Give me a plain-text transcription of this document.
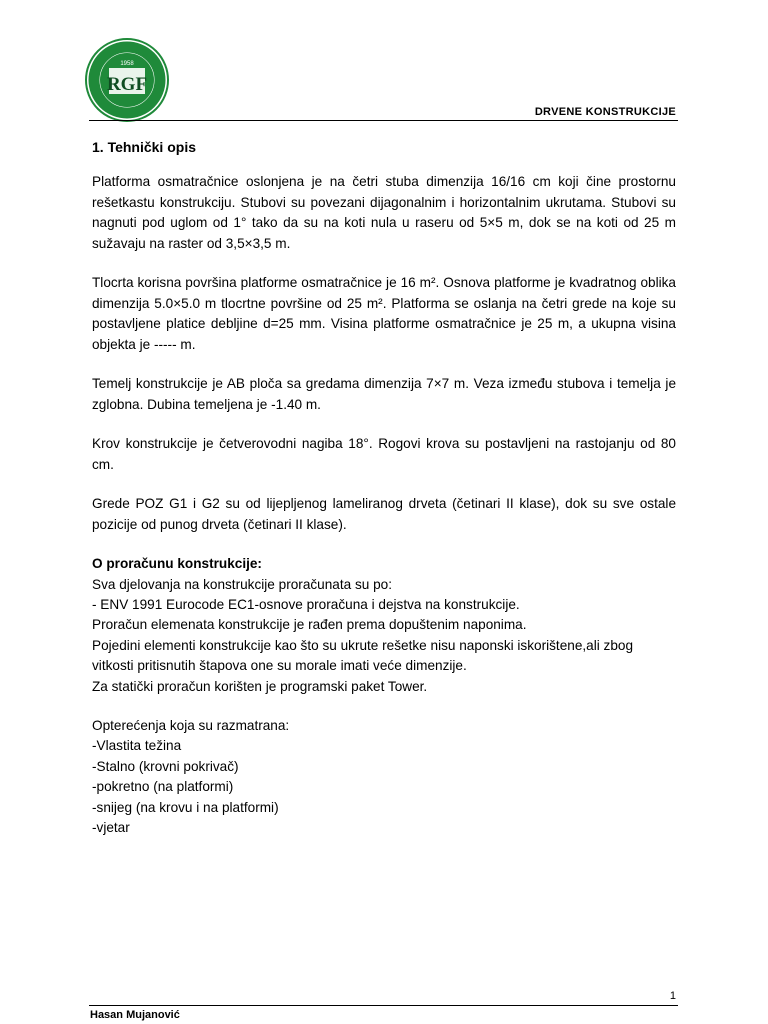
RGF
1958
DRVENE KONSTRUKCIJE
1. Tehnički opis

Platforma osmatračnice oslonjena je na četri stuba dimenzija 16/16 cm koji čine prostornu rešetkastu konstrukciju. Stubovi su povezani dijagonalnim i horizontalnim ukrutama. Stubovi su nagnuti pod uglom od 1° tako da su na koti nula u raseru od 5×5 m, dok se na koti od 25 m sužavaju na raster od 3,5×3,5 m.

Tlocrta korisna površina platforme osmatračnice je 16 m². Osnova platforme je kvadratnog oblika dimenzija 5.0×5.0 m tlocrtne površine od 25 m². Platforma se oslanja na četri grede na koje su postavljene platice debljine d=25 mm. Visina platforme osmatračnice je 25 m, a ukupna visina objekta je ----- m.

Temelj konstrukcije je AB ploča sa gredama dimenzija 7×7 m. Veza između stubova i temelja je zglobna. Dubina temeljena je -1.40 m.

Krov konstrukcije je četverovodni nagiba 18°. Rogovi krova su postavljeni na rastojanju od 80 cm.

Grede POZ G1 i G2 su od lijepljenog lameliranog drveta (četinari II klase), dok su sve ostale pozicije od punog drveta (četinari II klase).

O proračunu konstrukcije:

Sva djelovanja na konstrukcije proračunata su po:

- ENV 1991 Eurocode EC1-osnove proračuna i dejstva na konstrukcije.

Proračun elemenata konstrukcije je rađen prema dopuštenim naponima.

Pojedini elementi konstrukcije kao što su ukrute rešetke nisu naponski iskorištene,ali zbog vitkosti pritisnutih štapova one su morale imati veće dimenzije.

Za statički proračun korišten je programski paket Tower.

Opterećenja koja su razmatrana:

-Vlastita težina

-Stalno (krovni pokrivač)

-pokretno (na platformi)

-snijeg (na krovu i na platformi)

-vjetar

1
Hasan Mujanović
